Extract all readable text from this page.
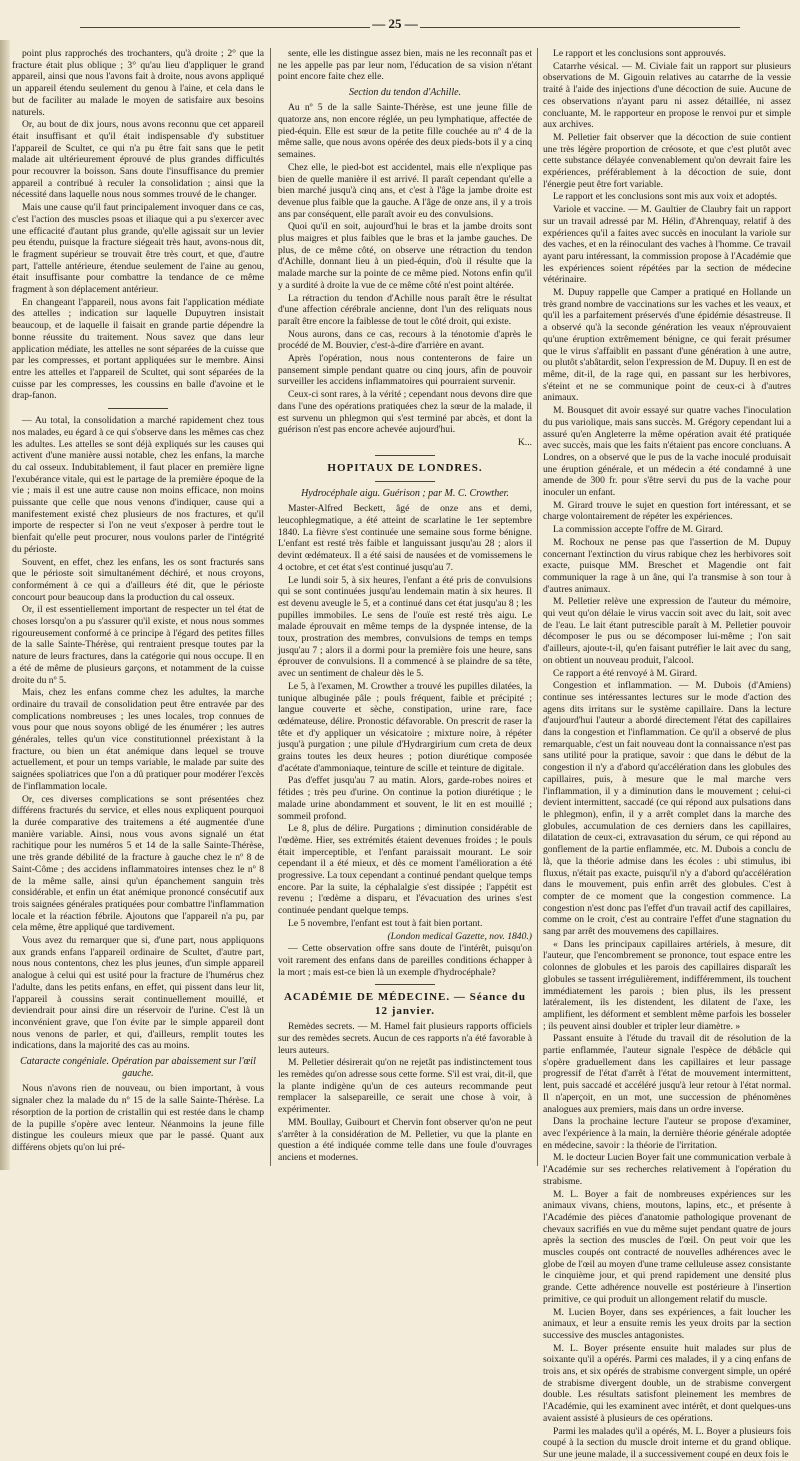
— 25 —

point plus rapprochés des trochanters, qu'à droite ; 2° que la fracture était plus oblique ; 3° qu'au lieu d'appliquer le grand appareil, ainsi que nous l'avons fait à droite, nous avons appliqué un appareil étendu seulement du genou à l'aine, et cela dans le but de faciliter au malade le moyen de satisfaire aux besoins naturels.

Or, au bout de dix jours, nous avons reconnu que cet appareil était insuffisant et qu'il était indispensable d'y substituer l'appareil de Scultet, ce qui n'a pu être fait sans que le petit malade ait ultérieurement éprouvé de plus grandes difficultés pour recouvrer la boisson. Sans doute l'insuffisance du premier appareil a contribué à reculer la consolidation ; ainsi que la nécessité dans laquelle nous nous sommes trouvé de le changer.

Mais une cause qu'il faut principalement invoquer dans ce cas, c'est l'action des muscles psoas et iliaque qui a pu s'exercer avec une efficacité d'autant plus grande, qu'elle agissait sur un levier peu étendu, puisque la fracture siégeait très haut, avons-nous dit, le fragment supérieur se trouvait être très court, et que, d'autre part, l'attelle antérieure, étendue seulement de l'aine au genou, était insuffisante pour combattre la tendance de ce même fragment à son déplacement antérieur.

En changeant l'appareil, nous avons fait l'application médiate des attelles ; indication sur laquelle Dupuytren insistait beaucoup, et de laquelle il faisait en grande partie dépendre la bonne réussite du traitement. Nous savez que dans leur application médiate, les attelles ne sont séparées de la cuisse que par les compresses, et portant appliquées sur le membre. Ainsi entre les attelles et l'appareil de Scultet, qui sont séparées de la cuisse par les compresses, les coussins en balle d'avoine et le drap-fanon.

— Au total, la consolidation a marché rapidement chez tous nos malades, eu égard à ce qui s'observe dans les mêmes cas chez les adultes. Les attelles se sont déjà expliqués sur les causes qui activent d'une manière aussi notable, chez les enfans, la marche du cal osseux. Indubitablement, il faut placer en première ligne l'exubérance vitale, qui est le partage de la première époque de la vie ; mais il est une autre cause non moins efficace, non moins puissante que celle que nous venons d'indiquer, cause qui a manifestement existé chez plusieurs de nos fractures, et qu'il importe de respecter si l'on ne veut s'exposer à perdre tout le bienfait qu'elle peut procurer, nous voulons parler de l'intégrité du périoste.

Souvent, en effet, chez les enfans, les os sont fracturés sans que le périoste soit simultanément déchiré, et nous croyons, conformément à ce qui a d'ailleurs été dit, que le périoste concourt pour beaucoup dans la production du cal osseux.

Or, il est essentiellement important de respecter un tel état de choses lorsqu'on a pu s'assurer qu'il existe, et nous nous sommes rigoureusement conformé à ce principe à l'égard des petites filles de la salle Sainte-Thérèse, qui rentraient presque toutes par la nature de leurs fractures, dans la catégorie qui nous occupe. Il en a été de même de plusieurs garçons, et notamment de la cuisse droite du nº 5.

Mais, chez les enfans comme chez les adultes, la marche ordinaire du travail de consolidation peut être entravée par des complications nombreuses ; les unes locales, trop connues de vous pour que nous soyons obligé de les énumérer ; les autres générales, telles qu'un vice constitutionnel préexistant à la fracture, ou bien un état anémique dans lequel se trouve actuellement, et pour un temps variable, le malade par suite des saignées spoliatrices que l'on a dû pratiquer pour modérer l'excès de l'inflammation locale.

Or, ces diverses complications se sont présentées chez différens fracturés du service, et elles nous expliquent pourquoi la durée comparative des traitemens a été augmentée d'une manière variable. Ainsi, nous vous avons signalé un état rachitique pour les numéros 5 et 14 de la salle Sainte-Thérèse, une très grande débilité de la fracture à gauche chez le nº 8 de Saint-Côme ; des accidens inflammatoires intenses chez le nº 8 de la même salle, ainsi qu'un épanchement sanguin très considérable, et enfin un état anémique prononcé consécutif aux trois saignées générales pratiquées pour combattre l'inflammation locale et la réaction fébrile. Ajoutons que l'appareil n'a pu, par cela même, être appliqué que tardivement.

Vous avez du remarquer que si, d'une part, nous appliquons aux grands enfans l'appareil ordinaire de Scultet, d'autre part, nous nous contentons, chez les plus jeunes, d'un simple appareil analogue à celui qui est usité pour la fracture de l'humérus chez l'adulte, dans les petits enfans, en effet, qui pissent dans leur lit, l'appareil à coussins serait continuellement mouillé, et deviendrait pour ainsi dire un réservoir de l'urine. C'est là un inconvénient grave, que l'on évite par le simple appareil dont nous venons de parler, et qui, d'ailleurs, remplit toutes les indications, dans la majorité des cas au moins.

Cataracte congéniale. Opération par abaissement sur l'œil gauche.

Nous n'avons rien de nouveau, ou bien important, à vous signaler chez la malade du nº 15 de la salle Sainte-Thérèse. La résorption de la portion de cristallin qui est restée dans le champ de la pupille s'opère avec lenteur. Néanmoins la jeune fille distingue les couleurs mieux que par le passé. Quant aux différens objets qu'on lui pré-

sente, elle les distingue assez bien, mais ne les reconnaît pas et ne les appelle pas par leur nom, l'éducation de sa vision n'étant point encore faite chez elle.

Section du tendon d'Achille.

Au nº 5 de la salle Sainte-Thérèse, est une jeune fille de quatorze ans, non encore réglée, un peu lymphatique, affectée de pied-équin. Elle est sœur de la petite fille couchée au nº 4 de la même salle, que nous avons opérée des deux pieds-bots il y a cinq semaines.

Chez elle, le pied-bot est accidentel, mais elle n'explique pas bien de quelle manière il est arrivé. Il paraît cependant qu'elle a bien marché jusqu'à cinq ans, et c'est à l'âge la jambe droite est devenue plus faible que la gauche. A l'âge de onze ans, il y a trois ans par conséquent, elle paraît avoir eu des convulsions.

Quoi qu'il en soit, aujourd'hui le bras et la jambe droits sont plus maigres et plus faibles que le bras et la jambe gauches. De plus, de ce même côté, on observe une rétraction du tendon d'Achille, donnant lieu à un pied-équin, d'où il résulte que la malade marche sur la pointe de ce même pied. Notons enfin qu'il y a surdité à droite la vue de ce même côté n'est point altérée.

La rétraction du tendon d'Achille nous paraît être le résultat d'une affection cérébrale ancienne, dont l'un des reliquats nous paraît être encore la faiblesse de tout le côté droit, qui existe.

Nous aurons, dans ce cas, recours à la ténotomie d'après le procédé de M. Bouvier, c'est-à-dire d'arrière en avant.

Après l'opération, nous nous contenterons de faire un pansement simple pendant quatre ou cinq jours, afin de pouvoir surveiller les accidens inflammatoires qui pourraient survenir.

Ceux-ci sont rares, à la vérité ; cependant nous devons dire que dans l'une des opérations pratiquées chez la sœur de la malade, il est survenu un phlegmon qui s'est terminé par abcès, et dont la guérison n'est pas encore achevée aujourd'hui.

K...

HOPITAUX DE LONDRES.
Hydrocéphale aigu. Guérison ; par M. C. Crowther.

Master-Alfred Beckett, âgé de onze ans et demi, leucophlegmatique, a été atteint de scarlatine le 1er septembre 1840. La fièvre s'est continuée une semaine sous forme bénigne. L'enfant est resté très faible et languissant jusqu'au 28 ; alors il devint œdémateux. Il a été saisi de nausées et de vomissemens le 4 octobre, et cet état s'est continué jusqu'au 7.

Le lundi soir 5, à six heures, l'enfant a été pris de convulsions qui se sont continuées jusqu'au lendemain matin à six heures. Il est devenu aveugle le 5, et a continué dans cet état jusqu'au 8 ; les pupilles immobiles. Le sens de l'ouïe est resté très aigu. Le malade éprouvait en même temps de la dyspnée intense, de la toux, prostration des membres, convulsions de temps en temps jusqu'au 7 ; alors il a dormi pour la première fois une heure, sans éprouver de convulsions. Il a commencé à se plaindre de sa tête, avec un sentiment de chaleur dès le 5.

Le 5, à l'examen, M. Crowther a trouvé les pupilles dilatées, la tunique albuginée pâle ; pouls fréquent, faible et précipité ; langue couverte et sèche, constipation, urine rare, face œdémateuse, délire. Pronostic défavorable. On prescrit de raser la tête et d'y appliquer un vésicatoire ; mixture noire, à répéter jusqu'à purgation ; une pilule d'Hydrargirium cum creta de deux grains toutes les deux heures ; potion diurétique composée d'acétate d'ammoniaque, teinture de scille et teinture de digitale.

Pas d'effet jusqu'au 7 au matin. Alors, garde-robes noires et fétides ; très peu d'urine. On continue la potion diurétique ; le malade urine abondamment et souvent, le lit en est mouillé ; sommeil profond.

Le 8, plus de délire. Purgations ; diminution considérable de l'œdème. Hier, ses extrémités étaient devenues froides ; le pouls était imperceptible, et l'enfant paraissait mourant. Le soir cependant il a été mieux, et dès ce moment l'amélioration a été progressive. La toux cependant a continué pendant quelque temps encore. Par la suite, la céphalalgie s'est dissipée ; l'appétit est revenu ; l'œdème a disparu, et l'évacuation des urines s'est continuée pendant quelque temps.

Le 5 novembre, l'enfant est tout à fait bien portant.

(London medical Gazette, nov. 1840.)

— Cette observation offre sans doute de l'intérêt, puisqu'on voit rarement des enfans dans de pareilles conditions échapper à la mort ; mais est-ce bien là un exemple d'hydrocéphale?

ACADÉMIE DE MÉDECINE. — Séance du 12 janvier.

Remèdes secrets. — M. Hamel fait plusieurs rapports officiels sur des remèdes secrets. Aucun de ces rapports n'a été favorable à leurs auteurs.

M. Pelletier désirerait qu'on ne rejetât pas indistinctement tous les remèdes qu'on adresse sous cette forme. S'il est vrai, dit-il, que la plante indigène qu'un de ces auteurs recommande peut remplacer la salsepareille, ce serait une chose à voir, à expérimenter.

MM. Boullay, Guibourt et Chervin font observer qu'on ne peut s'arrêter à la considération de M. Pelletier, vu que la plante en question a été indiquée comme telle dans une foule d'ouvrages anciens et modernes.

Le rapport et les conclusions sont approuvés.

Catarrhe vésical. — M. Civiale fait un rapport sur plusieurs observations de M. Gigouin relatives au catarrhe de la vessie traité à l'aide des injections d'une décoction de suie. Aucune de ces observations n'ayant paru ni assez détaillée, ni assez concluante, M. le rapporteur en propose le renvoi pur et simple aux archives.

M. Pelletier fait observer que la décoction de suie contient une très légère proportion de créosote, et que c'est plutôt avec cette substance délayée convenablement qu'on devrait faire les expériences, préférablement à la décoction de suie, dont l'énergie peut être fort variable.

Le rapport et les conclusions sont mis aux voix et adoptés.

Variole et vaccine. — M. Gaultier de Claubry fait un rapport sur un travail adressé par M. Hélin, d'Ahrenquay, relatif à des expériences qu'il a faites avec succès en inoculant la variole sur des vaches, et en la réinoculant des vaches à l'homme. Ce travail ayant paru intéressant, la commission propose à l'Académie que les expériences soient répétées par la section de médecine vétérinaire.

M. Dupuy rappelle que Camper a pratiqué en Hollande un très grand nombre de vaccinations sur les vaches et les veaux, et qu'il les a parfaitement préservés d'une épidémie désastreuse. Il a observé qu'à la seconde génération les veaux n'éprouvaient qu'une éruption extrêmement bénigne, ce qui ferait présumer que le virus s'affaiblit en passant d'une génération à une autre, ou plutôt s'abâtardit, selon l'expression de M. Dupuy. Il en est de même, dit-il, de la rage qui, en passant sur les herbivores, s'éteint et ne se communique point de ceux-ci à d'autres animaux.

M. Bousquet dit avoir essayé sur quatre vaches l'inoculation du pus variolique, mais sans succès. M. Grégory cependant lui a assuré qu'en Angleterre la même opération avait été pratiquée avec succès, mais que les faits n'étaient pas encore concluans. A Londres, on a observé que le pus de la vache inoculé produisait une éruption générale, et un médecin a été condamné à une amende de 300 fr. pour s'être servi du pus de la vache pour inoculer un enfant.

M. Girard trouve le sujet en question fort intéressant, et se charge volontairement de répéter les expériences.

La commission accepte l'offre de M. Girard.

M. Rochoux ne pense pas que l'assertion de M. Dupuy concernant l'extinction du virus rabique chez les herbivores soit exacte, puisque MM. Breschet et Magendie ont fait communiquer la rage à un âne, qui l'a transmise à son tour à d'autres animaux.

M. Pelletier relève une expression de l'auteur du mémoire, qui veut qu'on délaie le virus vaccin soit avec du lait, soit avec de l'eau. Le lait étant putrescible paraît à M. Pelletier pouvoir décomposer le pus ou se décomposer lui-même ; l'on sait d'ailleurs, ajoute-t-il, qu'en faisant putréfier le lait avec du sang, on obtient un nouveau produit, l'alcool.

Ce rapport a été renvoyé à M. Girard.

Congestion et inflammation. — M. Dubois (d'Amiens) continue ses intéressantes lectures sur le mode d'action des agens dits irritans sur le système capillaire. Dans la lecture d'aujourd'hui l'auteur a abordé directement l'état des capillaires dans la congestion et l'inflammation. Ce qu'il a observé de plus remarquable, c'est un fait nouveau dont la connaissance n'est pas sans utilité pour la pratique, savoir : que dans le début de la congestion il n'y a d'abord qu'accélération dans les globules des capillaires, puis, à mesure que le mal marche vers l'inflammation, il y a diminution dans le mouvement ; celui-ci devient intermittent, saccadé (ce qui répond aux pulsations dans le phlegmon), enfin, il y a arrêt complet dans la marche des globules, accumulation de ces derniers dans les capillaires, dilatation de ceux-ci, extravasation du sérum, ce qui répond au gonflement de la partie enflammée, etc. M. Dubois a conclu de là, que la théorie admise dans les écoles : ubi stimulus, ibi fluxus, n'était pas exacte, puisqu'il n'y a d'abord qu'accélération dans le mouvement, puis enfin arrêt des globules. C'est à compter de ce moment que la congestion commence. La congestion n'est donc pas l'effet d'un travail actif des capillaires, comme on le croit, c'est au contraire l'effet d'une stagnation du sang par arrêt des mouvemens des capillaires.

« Dans les principaux capillaires artériels, à mesure, dit l'auteur, que l'encombrement se prononce, tout espace entre les colonnes de globules et les parois des capillaires disparaît les globules se tassent irrégulièrement, indifféremment, ils touchent immédiatement les parois ; bien plus, ils les pressent latéralement, ils les distendent, les dilatent de l'axe, les amplifient, les déforment et semblent même parfois les bosseler ; ils peuvent ainsi doubler et tripler leur diamètre. »

Passant ensuite à l'étude du travail dit de résolution de la partie enflammée, l'auteur signale l'espèce de débâcle qui s'opère graduellement dans les capillaires et leur passage progressif de l'état d'arrêt à l'état de mouvement intermittent, lent, puis saccadé et accéléré jusqu'à leur retour à l'état normal. Il n'aperçoit, en un mot, une succession de phénomènes analogues aux premiers, mais dans un ordre inverse.

Dans la prochaine lecture l'auteur se propose d'examiner, avec l'expérience à la main, la dernière théorie générale adoptée en médecine, savoir : la théorie de l'irritation.

M. le docteur Lucien Boyer fait une communication verbale à l'Académie sur ses recherches relativement à l'opération du strabisme.

M. L. Boyer a fait de nombreuses expériences sur les animaux vivans, chiens, moutons, lapins, etc., et présente à l'Académie des pièces d'anatomie pathologique provenant de chevaux sacrifiés en vue du même sujet pendant quatre de jours après la section des muscles de l'œil. On peut voir que les muscles coupés ont contracté de nouvelles adhérences avec le globe de l'œil au moyen d'une trame celluleuse assez consistante le cinquième jour, et qui prend rapidement une densité plus grande. Cette adhérence nouvelle est postérieure à l'insertion primitive, ce qui produit un allongement relatif du muscle.

M. Lucien Boyer, dans ses expériences, a fait loucher les animaux, et leur a ensuite remis les yeux droits par la section successive des muscles antagonistes.

M. L. Boyer présente ensuite huit malades sur plus de soixante qu'il a opérés. Parmi ces malades, il y a cinq enfans de trois ans, et six opérés de strabisme convergent simple, un opéré de strabisme divergent double, un de strabisme convergent double. Les résultats satisfont pleinement les membres de l'Académie, qui les examinent avec intérêt, et dont quelques-uns avaient assisté à plusieurs de ces opérations.

Parmi les malades qu'il a opérés, M. L. Boyer a plusieurs fois coupé à la section du muscle droit interne et du grand oblique. Sur une jeune malade, il a successivement coupé en deux fois le
